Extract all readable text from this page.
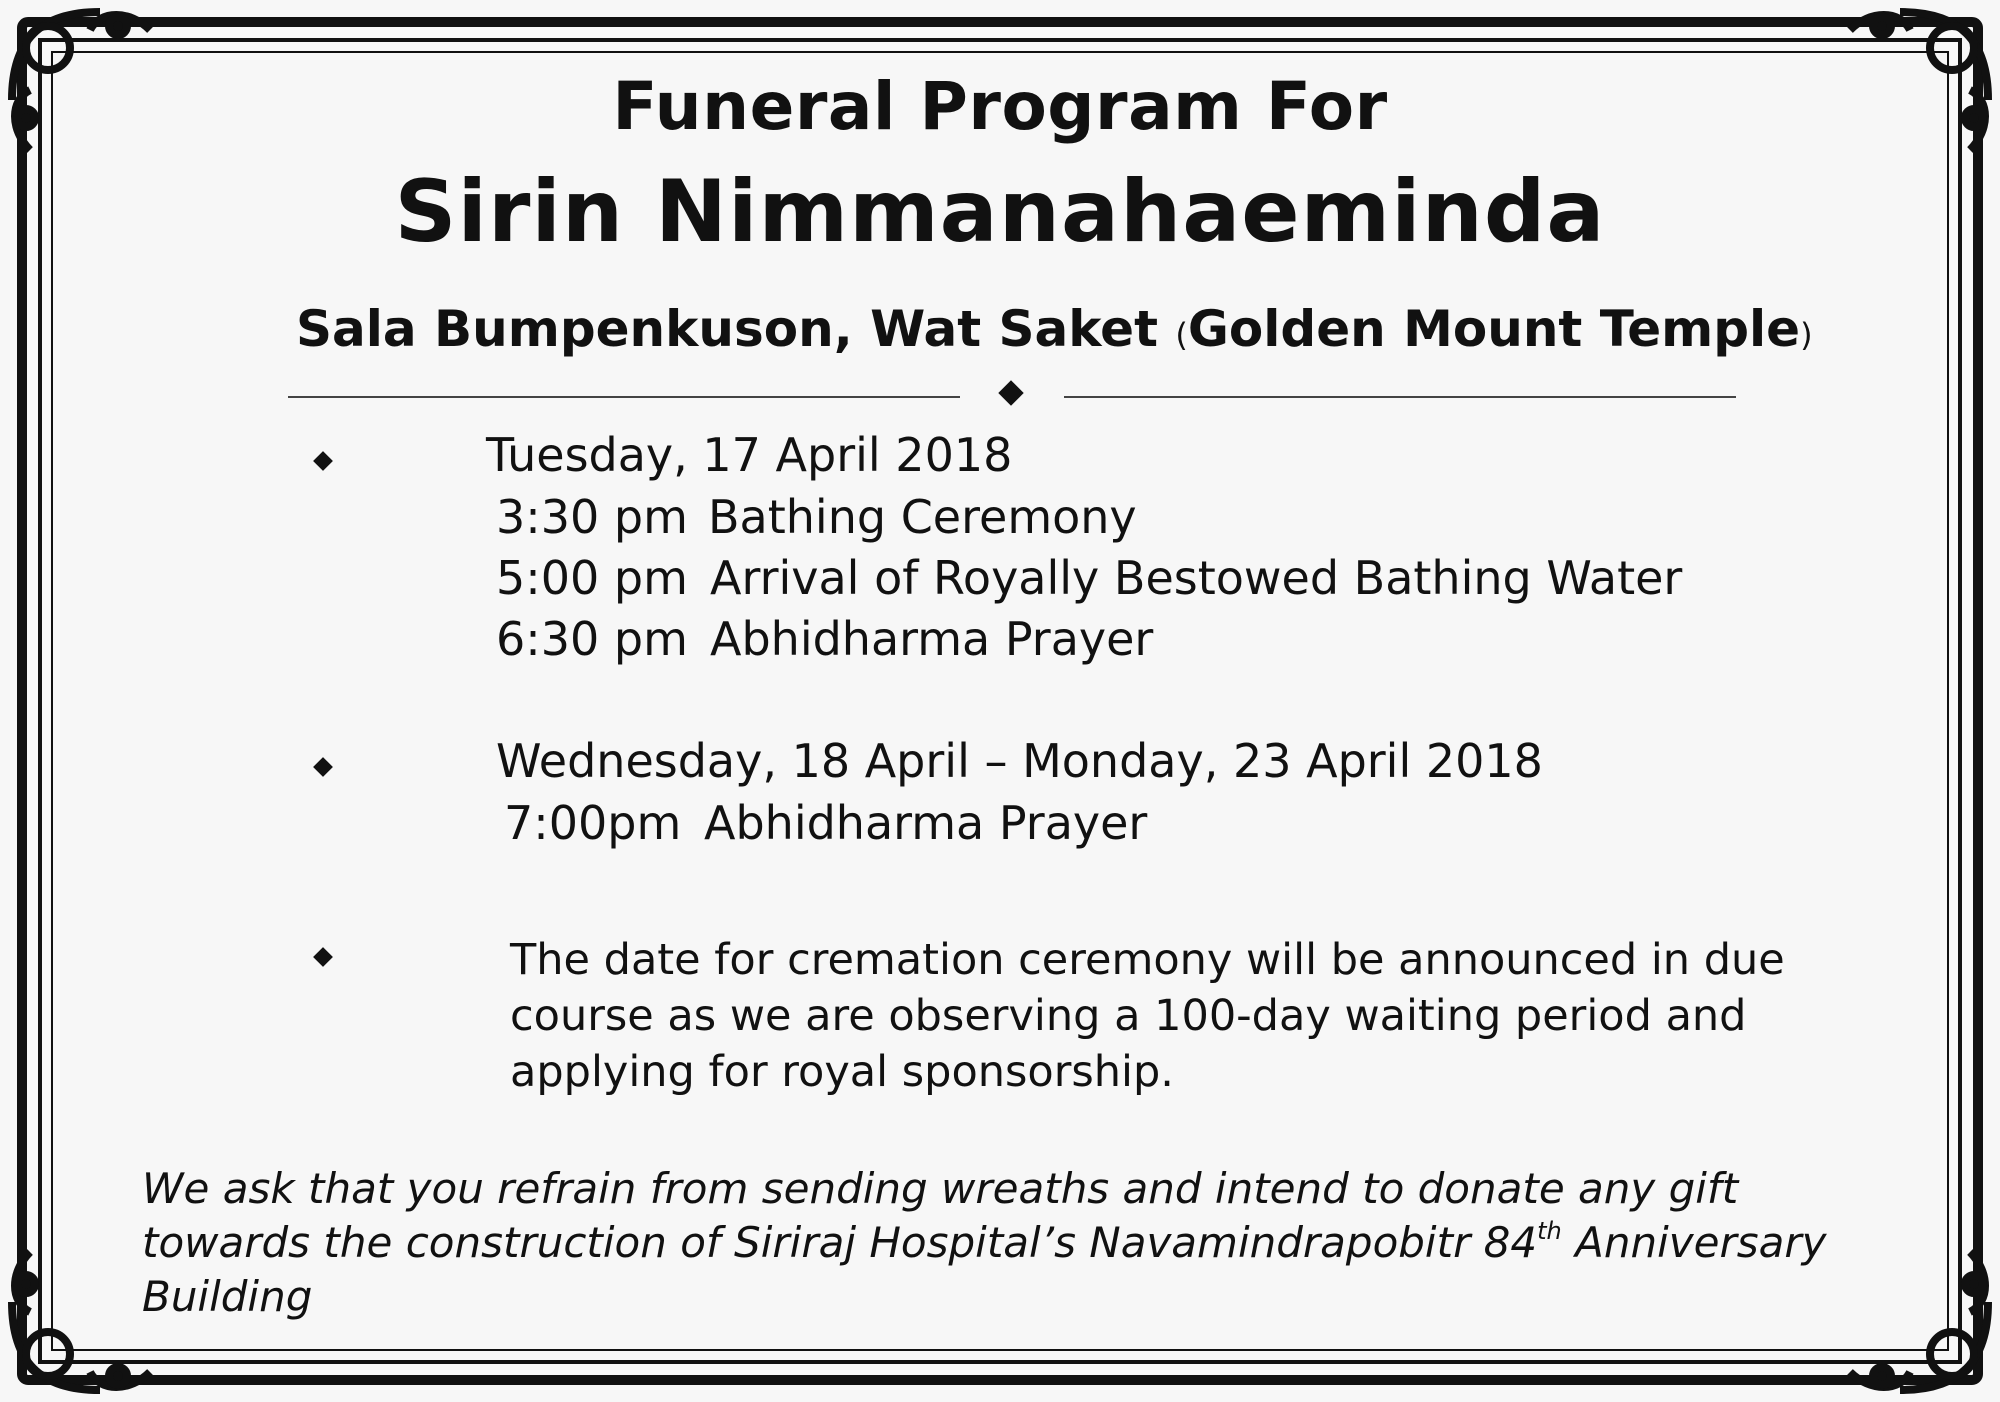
Funeral Program For
Sirin Nimmanahaeminda
Sala Bumpenkuson, Wat Saket (Golden Mount Temple)
Tuesday, 17 April 2018
3:30 pm Bathing Ceremony
5:00 pm Arrival of Royally Bestowed Bathing Water
6:30 pm Abhidharma Prayer
Wednesday, 18 April – Monday, 23 April 2018
7:00pm Abhidharma Prayer
The date for cremation ceremony will be announced in due course as we are observing a 100-day waiting period and applying for royal sponsorship.
We ask that you refrain from sending wreaths and intend to donate any gift towards the construction of Siriraj Hospital’s Navamindrapobitr 84th Anniversary Building
